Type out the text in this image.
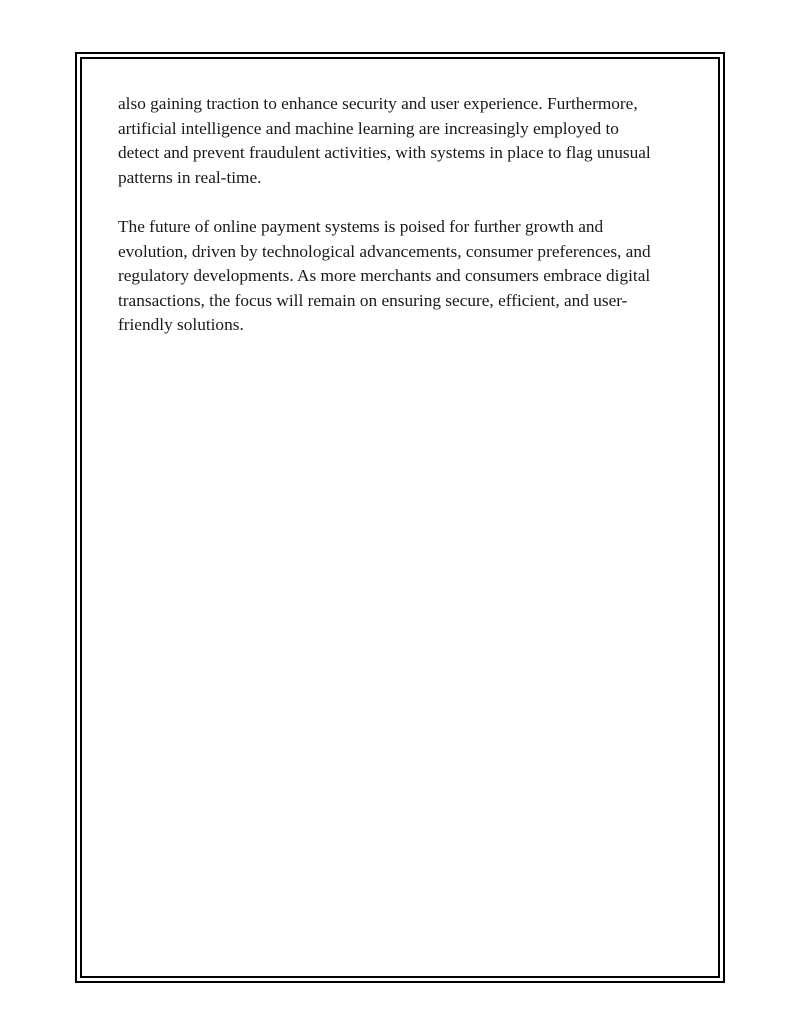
also gaining traction to enhance security and user experience. Furthermore,
artificial intelligence and machine learning are increasingly employed to
detect and prevent fraudulent activities, with systems in place to flag unusual
patterns in real-time.

The future of online payment systems is poised for further growth and
evolution, driven by technological advancements, consumer preferences, and
regulatory developments. As more merchants and consumers embrace digital
transactions, the focus will remain on ensuring secure, efficient, and user-
friendly solutions.
